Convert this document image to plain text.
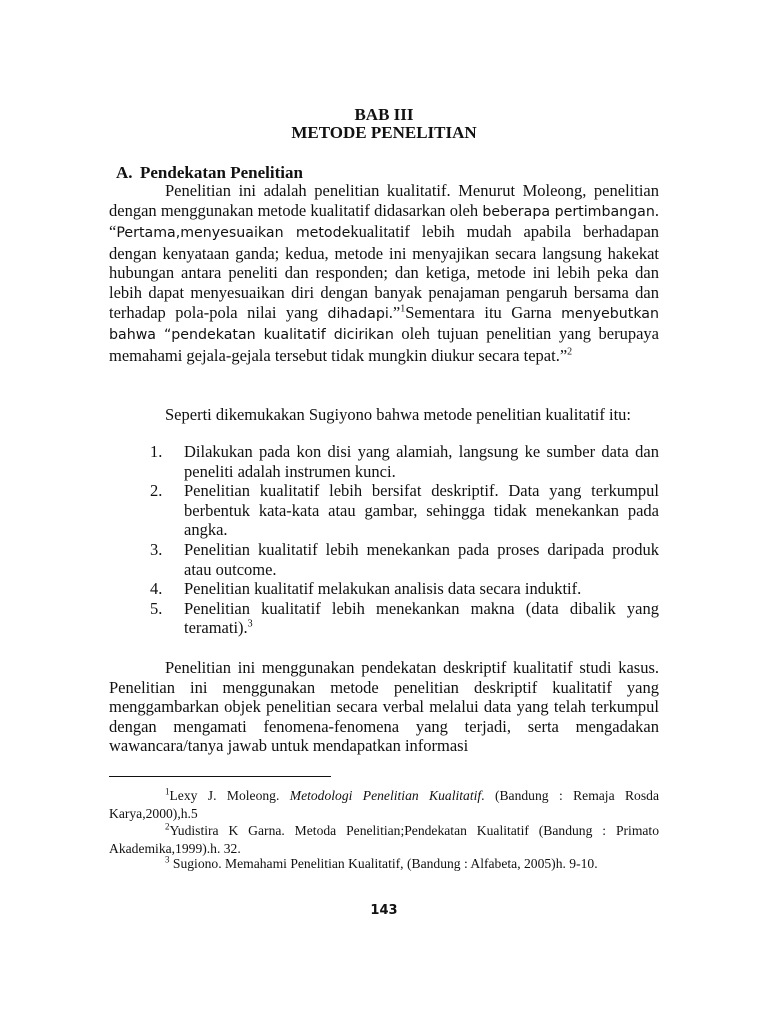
BAB III
METODE PENELITIAN
A. Pendekatan Penelitian

Penelitian ini adalah penelitian kualitatif. Menurut Moleong, penelitian dengan menggunakan metode kualitatif didasarkan oleh beberapa pertimbangan. “Pertama,menyesuaikan metodekualitatif lebih mudah apabila berhadapan dengan kenyataan ganda; kedua, metode ini menyajikan secara langsung hakekat hubungan antara peneliti dan responden; dan ketiga, metode ini lebih peka dan lebih dapat menyesuaikan diri dengan banyak penajaman pengaruh bersama dan terhadap pola-pola nilai yang dihadapi.”$^1$Sementara itu Garna menyebutkan bahwa “pendekatan kualitatif dicirikan oleh tujuan penelitian yang berupaya memahami gejala-gejala tersebut tidak mungkin diukur secara tepat.”$^2$

Seperti dikemukakan Sugiyono bahwa metode penelitian kualitatif itu:

1.	Dilakukan pada kon disi yang alamiah, langsung ke sumber data dan peneliti adalah instrumen kunci.
2.	Penelitian kualitatif lebih bersifat deskriptif. Data yang terkumpul berbentuk kata-kata atau gambar, sehingga tidak menekankan pada angka.
3.	Penelitian kualitatif lebih menekankan pada proses daripada produk atau outcome.
4.	Penelitian kualitatif melakukan analisis data secara induktif.
5.	Penelitian kualitatif lebih menekankan makna (data dibalik yang teramati).$^3$

Penelitian ini menggunakan pendekatan deskriptif kualitatif studi kasus. Penelitian ini menggunakan metode penelitian deskriptif kualitatif yang menggambarkan objek penelitian secara verbal melalui data yang telah terkumpul dengan mengamati fenomena-fenomena yang terjadi, serta mengadakan wawancara/tanya jawab untuk mendapatkan informasi

$^1$Lexy J. Moleong. Metodologi Penelitian Kualitatif. (Bandung : Remaja Rosda Karya,2000),h.5
$^2$Yudistira K Garna. Metoda Penelitian;Pendekatan Kualitatif (Bandung : Primato Akademika,1999).h. 32.
$^3$ Sugiono. Memahami Penelitian Kualitatif, (Bandung : Alfabeta, 2005)h. 9-10.
143
